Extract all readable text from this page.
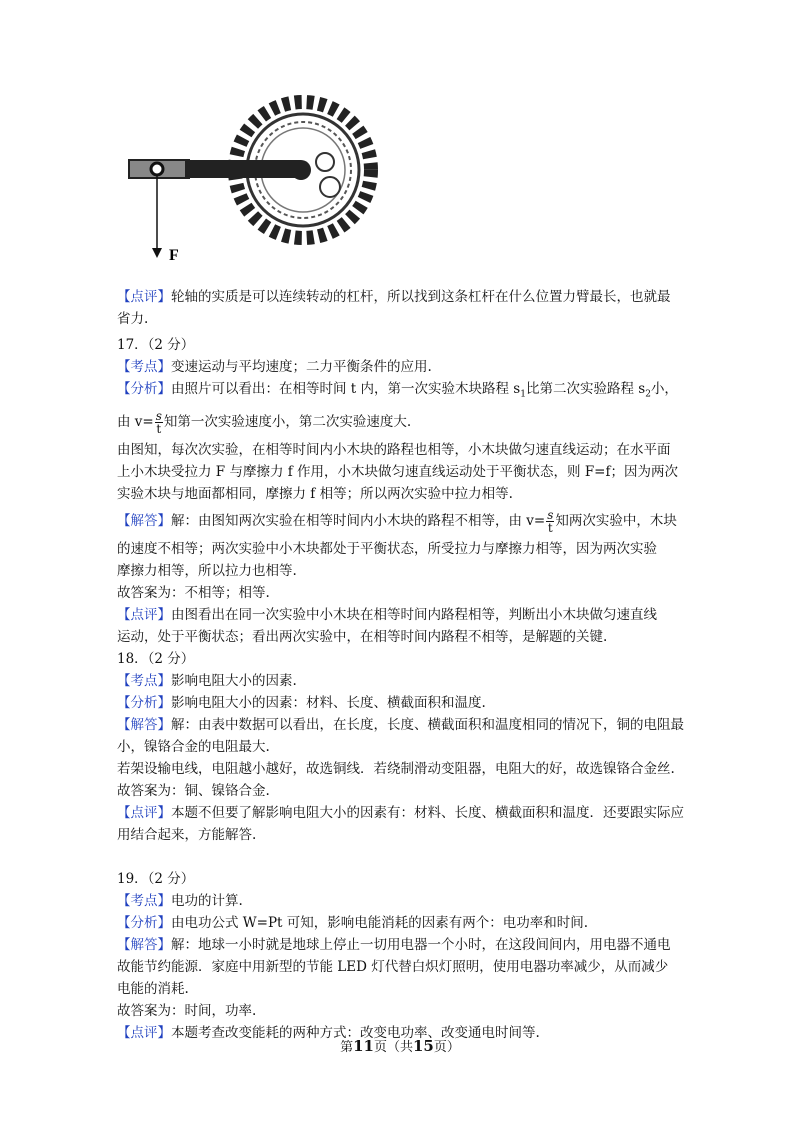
F
【点评】轮轴的实质是可以连续转动的杠杆，所以找到这条杠杆在什么位置力臂最长，也就最
省力.
17．（2 分）
【考点】变速运动与平均速度；二力平衡条件的应用.
【分析】由照片可以看出：在相等时间 t 内，第一次实验木块路程 $s_1$比第二次实验路程 $s_2$小，
由 $v= \frac{s}{t}$ 知第一次实验速度小，第二次实验速度大.
由图知，每次次实验，在相等时间内小木块的路程也相等，小木块做匀速直线运动；在水平面
上小木块受拉力 F 与摩擦力 f 作用，小木块做匀速直线运动处于平衡状态，则 F=f；因为两次
实验木块与地面都相同，摩擦力 f 相等；所以两次实验中拉力相等.
【解答】解：由图知两次实验在相等时间内小木块的路程不相等，由 $v= \frac{s}{t}$ 知两次实验中，木块
的速度不相等；两次实验中小木块都处于平衡状态，所受拉力与摩擦力相等，因为两次实验
摩擦力相等，所以拉力也相等.
故答案为：不相等；相等.
【点评】由图看出在同一次实验中小木块在相等时间内路程相等，判断出小木块做匀速直线
运动，处于平衡状态；看出两次实验中，在相等时间内路程不相等，是解题的关键.
18．（2 分）
【考点】影响电阻大小的因素.
【分析】影响电阻大小的因素：材料、长度、横截面积和温度.
【解答】解：由表中数据可以看出，在长度，长度、横截面积和温度相同的情况下，铜的电阻最
小，镍铬合金的电阻最大.
若架设输电线，电阻越小越好，故选铜线．若绕制滑动变阻器，电阻大的好，故选镍铬合金丝.
故答案为：铜、镍铬合金.
【点评】本题不但要了解影响电阻大小的因素有：材料、长度、横截面积和温度．还要跟实际应
用结合起来，方能解答.
19．（2 分）
【考点】电功的计算.
【分析】由电功公式 W=Pt 可知，影响电能消耗的因素有两个：电功率和时间.
【解答】解：地球一小时就是地球上停止一切用电器一个小时，在这段间间内，用电器不通电
故能节约能源．家庭中用新型的节能 LED 灯代替白炽灯照明，使用电器功率减少，从而减少
电能的消耗.
故答案为：时间，功率.
【点评】本题考查改变能耗的两种方式：改变电功率、改变通电时间等.
第11页（共15页）
